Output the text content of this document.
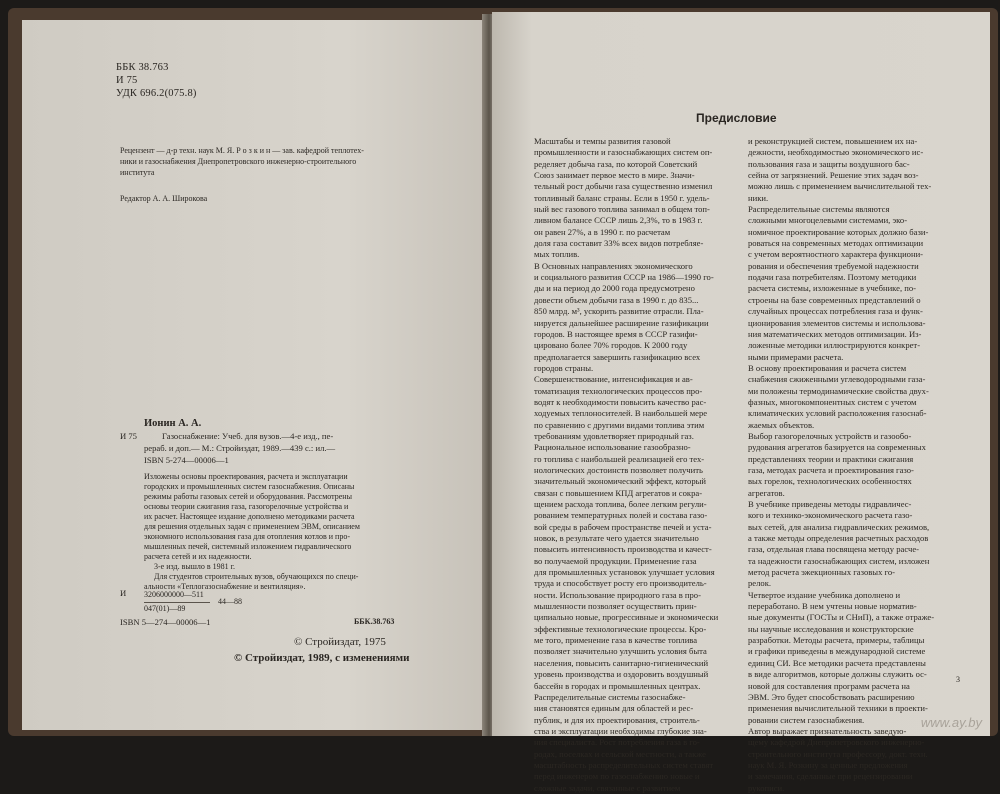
ББК 38.763
И 75
УДК 696.2(075.8)
Рецензент — д-р техн. наук М. Я. Р о з к и н — зав. кафедрой теплотех-
ники и газоснабжения Днепропетровского инженерно-строительного
института
Редактор А. А. Широкова
Ионин А. А.
И 75	Газоснабжение: Учеб. для вузов.—4-е изд., пе-
рераб. и доп.— М.: Стройиздат, 1989.—439 с.: ил.—
ISBN 5-274—00006—1
Изложены основы проектирования, расчета и эксплуатации
городских и промышленных систем газоснабжения. Описаны
режимы работы газовых сетей и оборудования. Рассмотрены
основы теории сжигания газа, газогорелочные устройства и
их расчет. Настоящее издание дополнено методиками расчета
для решения отдельных задач с применением ЭВМ, описанием
экономного использования газа для отопления котлов и про-
мышленных печей, системный изложением гидравлического
расчета сетей и их надежности.
3-е изд. вышло в 1981 г.
Для студентов строительных вузов, обучающихся по специ-
альности «Теплогазоснабжение и вентиляция».
И 3206000000—511
047(01)—89
44—88
ISBN 5—274—00006—1	ББК.38.763
© Стройиздат, 1975
© Стройиздат, 1989, с изменениями
Предисловие
Масштабы и темпы развития газовой
промышленности и газоснабжающих систем оп-
ределяет добыча газа, по которой Советский
Союз занимает первое место в мире. Значи-
тельный рост добычи газа существенно изменил
топливный баланс страны. Если в 1950 г. удель-
ный вес газового топлива занимал в общем топ-
ливном балансе СССР лишь 2,3%, то в 1983 г.
он равен 27%, а в 1990 г. по расчетам
доля газа составит 33% всех видов потребляе-
мых топлив.
В Основных направлениях экономического
и социального развития СССР на 1986—1990 го-
ды и на период до 2000 года предусмотрено
довести объем добычи газа в 1990 г. до 835...
850 млрд. м³, ускорить развитие отрасли. Пла-
нируется дальнейшее расширение газификации
городов. В настоящее время в СССР газифи-
цировано более 70% городов. К 2000 году
предполагается завершить газификацию всех
городов страны.
Совершенствование, интенсификация и ав-
томатизация технологических процессов про-
водят к необходимости повысить качество рас-
ходуемых теплоносителей. В наибольшей мере
по сравнению с другими видами топлива этим
требованиям удовлетворяет природный газ.
Рациональное использование газообразно-
го топлива с наибольшей реализацией его тех-
нологических достоинств позволяет получить
значительный экономический эффект, который
связан с повышением КПД агрегатов и сокра-
щением расхода топлива, более легким регули-
рованием температурных полей и состава газо-
вой среды в рабочем пространстве печей и уста-
новок, в результате чего удается значительно
повысить интенсивность производства и качест-
во получаемой продукции. Применение газа
для промышленных установок улучшает условия
труда и способствует росту его производитель-
ности. Использование природного газа в про-
мышленности позволяет осуществить прин-
ципиально новые, прогрессивные и экономически
эффективные технологические процессы. Кро-
ме того, применение газа в качестве топлива
позволяет значительно улучшить условия быта
населения, повысить санитарно-гигиенический
уровень производства и оздоровить воздушный
бассейн в городах и промышленных центрах.
Распределительные системы газоснабже-
ния становятся единым для областей и рес-
публик, и для их проектирования, строитель-
ства и эксплуатации необходимы глубокие зна-
ния специалиста. Рост потребления газа в го-
родах, поселках и сельской местности, а также
масштабность распределительных систем ставят
перед инженером по газоснабжению новые и
сложные задачи, связанные с развитием
и реконструкцией систем, повышением их на-
дежности, необходимостью экономического ис-
пользования газа и защиты воздушного бас-
сейна от загрязнений. Решение этих задач воз-
можно лишь с применением вычислительной тех-
ники.
Распределительные системы являются
сложными многоцелевыми системами, эко-
номичное проектирование которых должно бази-
роваться на современных методах оптимизации
с учетом вероятностного характера функциони-
рования и обеспечения требуемой надежности
подачи газа потребителям. Поэтому методики
расчета системы, изложенные в учебнике, по-
строены на базе современных представлений о
случайных процессах потребления газа и функ-
ционирования элементов системы и использова-
ния математических методов оптимизации. Из-
ложенные методики иллюстрируются конкрет-
ными примерами расчета.
В основу проектирования и расчета систем
снабжения сжиженными углеводородными газа-
ми положены термодинамические свойства двух-
фазных, многокомпонентных систем с учетом
климатических условий расположения газоснаб-
жаемых объектов.
Выбор газогорелочных устройств и газообо-
рудования агрегатов базируется на современных
представлениях теории и практики сжигания
газа, методах расчета и проектирования газо-
вых горелок, технологических особенностях
агрегатов.
В учебнике приведены методы гидравличес-
кого и технико-экономического расчета газо-
вых сетей, для анализа гидравлических режимов,
а также методы определения расчетных расходов
газа, отдельная глава посвящена методу расче-
та надежности газоснабжающих систем, изложен
метод расчета эжекционных газовых го-
релок.
Четвертое издание учебника дополнено и
переработано. В нем учтены новые норматив-
ные документы (ГОСТы и СНиП), а также отраже-
ны научные исследования и конструкторские
разработки. Методы расчета, примеры, таблицы
и графики приведены в международной системе
единиц СИ. Все методики расчета представлены
в виде алгоритмов, которые должны служить ос-
новой для составления программ расчета на
ЭВМ. Это будет способствовать расширению
применения вычислительной техники в проекти-
ровании систем газоснабжения.
Автор выражает признательность заведую-
щему кафедрой Днепропетровского инженерно-
строительного института профессору, докт. техн.
наук М. Я. Розкину за ценные предложения
и замечания, сделанные при рецензировании
рукописи.
3
www.ay.by
